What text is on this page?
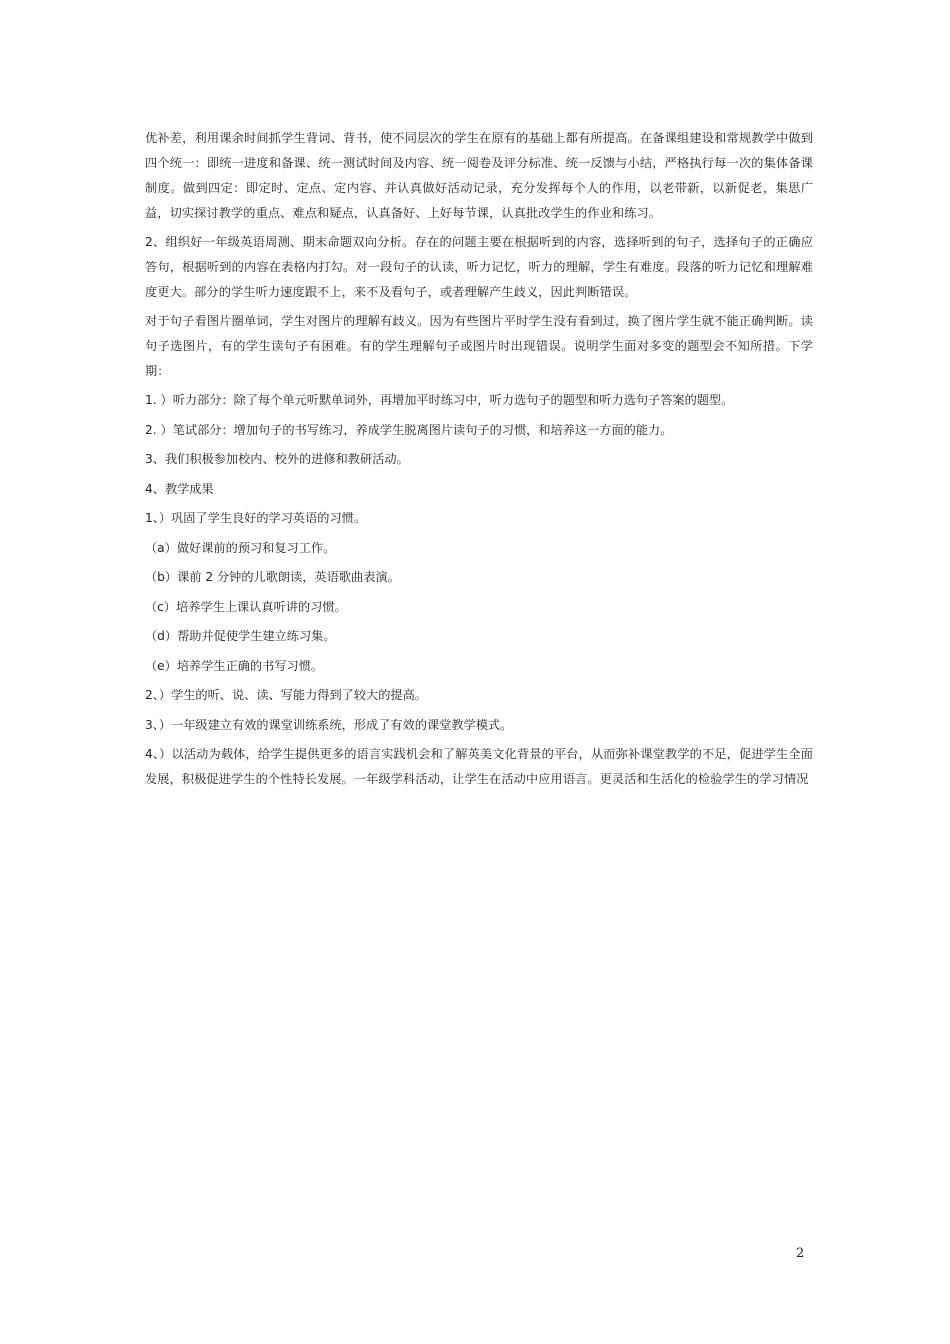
优补差，利用课余时间抓学生背词、背书，使不同层次的学生在原有的基础上都有所提高。在备课组建设和常规教学中做到四个统一：即统一进度和备课、统一测试时间及内容、统一阅卷及评分标准、统一反馈与小结，严格执行每一次的集体备课制度。做到四定：即定时、定点、定内容、并认真做好活动记录，充分发挥每个人的作用，以老带新，以新促老，集思广益，切实探讨教学的重点、难点和疑点，认真备好、上好每节课，认真批改学生的作业和练习。

2、组织好一年级英语周测、期末命题双向分析。存在的问题主要在根据听到的内容，选择听到的句子，选择句子的正确应答句，根据听到的内容在表格内打勾。对一段句子的认读，听力记忆，听力的理解，学生有难度。段落的听力记忆和理解难度更大。部分的学生听力速度跟不上，来不及看句子，或者理解产生歧义，因此判断错误。

对于句子看图片圈单词，学生对图片的理解有歧义。因为有些图片平时学生没有看到过，换了图片学生就不能正确判断。读句子选图片，有的学生读句子有困难。有的学生理解句子或图片时出现错误。说明学生面对多变的题型会不知所措。下学期：

1. ）听力部分：除了每个单元听默单词外，再增加平时练习中，听力选句子的题型和听力选句子答案的题型。
2. ）笔试部分：增加句子的书写练习，养成学生脱离图片读句子的习惯，和培养这一方面的能力。
3、我们积极参加校内、校外的进修和教研活动。
4、教学成果
1、）巩固了学生良好的学习英语的习惯。
（a）做好课前的预习和复习工作。
（b）课前 2 分钟的儿歌朗读，英语歌曲表演。
（c）培养学生上课认真听讲的习惯。
（d）帮助并促使学生建立练习集。
（e）培养学生正确的书写习惯。
2、）学生的听、说、读、写能力得到了较大的提高。
3、）一年级建立有效的课堂训练系统，形成了有效的课堂教学模式。

4、）以活动为载体，给学生提供更多的语言实践机会和了解英美文化背景的平台，从而弥补课堂教学的不足，促进学生全面发展，积极促进学生的个性特长发展。一年级学科活动，让学生在活动中应用语言。更灵活和生活化的检验学生的学习情况

2
